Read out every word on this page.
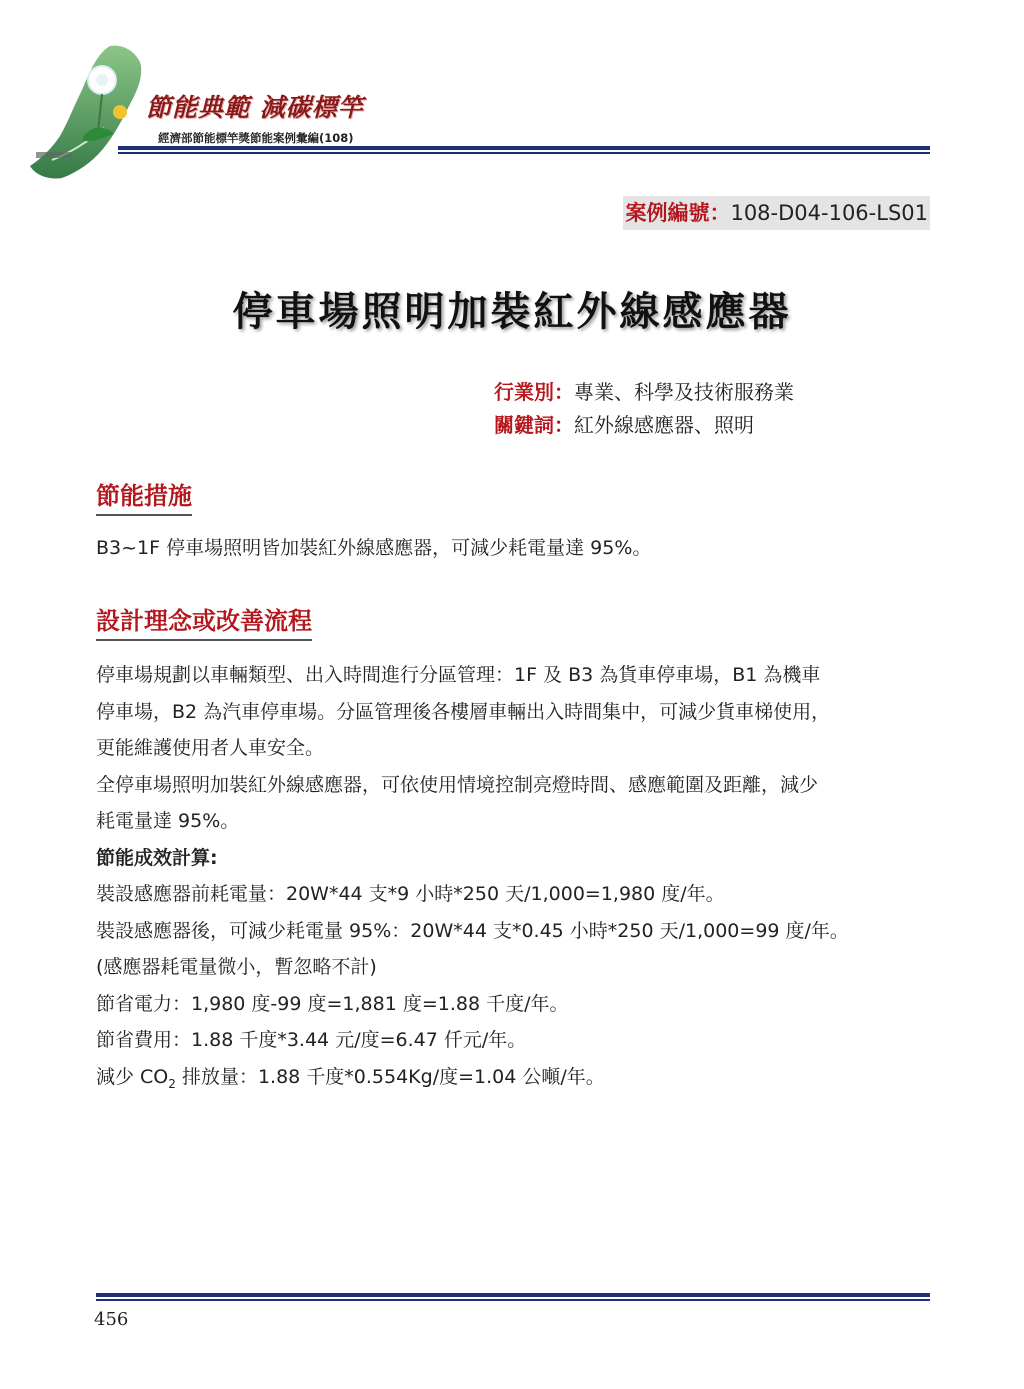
節能典範 減碳標竿
經濟部節能標竿獎節能案例彙編(108)
案例編號：108-D04-106-LS01
停車場照明加裝紅外線感應器
行業別：專業、科學及技術服務業
關鍵詞：紅外線感應器、照明
節能措施
B3~1F 停車場照明皆加裝紅外線感應器，可減少耗電量達 95%。
設計理念或改善流程
停車場規劃以車輛類型、出入時間進行分區管理：1F 及 B3 為貨車停車場，B1 為機車
停車場，B2 為汽車停車場。分區管理後各樓層車輛出入時間集中，可減少貨車梯使用，
更能維護使用者人車安全。
全停車場照明加裝紅外線感應器，可依使用情境控制亮燈時間、感應範圍及距離，減少
耗電量達 95%。
節能成效計算:
裝設感應器前耗電量：20W*44 支*9 小時*250 天/1,000=1,980 度/年。
裝設感應器後，可減少耗電量 95%：20W*44 支*0.45 小時*250 天/1,000=99 度/年。
(感應器耗電量微小，暫忽略不計)
節省電力：1,980 度-99 度=1,881 度=1.88 千度/年。
節省費用：1.88 千度*3.44 元/度=6.47 仟元/年。
減少 $CO_2$ 排放量：1.88 千度*0.554Kg/度=1.04 公噸/年。
456
